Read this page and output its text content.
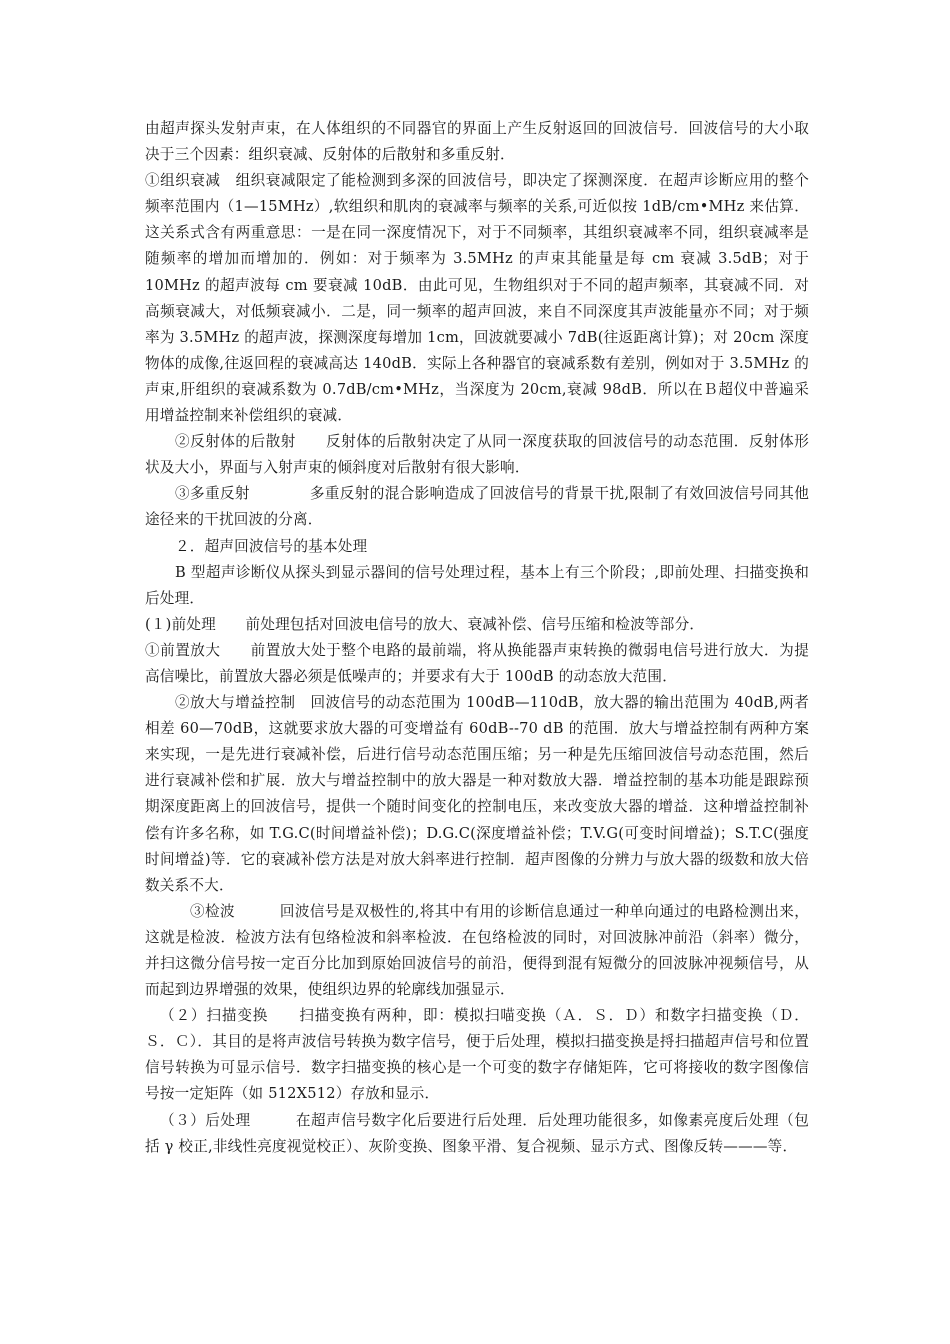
由超声探头发射声束，在人体组织的不同器官的界面上产生反射返回的回波信号．回波信号的大小取决于三个因素：组织衰减、反射体的后散射和多重反射．

①组织衰减　组织衰减限定了能检测到多深的回波信号，即决定了探测深度．在超声诊断应用的整个频率范围内（1—15MHz）,软组织和肌肉的衰减率与频率的关系,可近似按 1dB/cm•MHz 来估算．这关系式含有两重意思：一是在同一深度情况下，对于不同频率，其组织衰减率不同，组织衰减率是随频率的增加而增加的．例如：对于频率为 3.5MHz 的声束其能量是每 cm 衰减 3.5dB；对于 10MHz 的超声波每 cm 要衰减 10dB．由此可见，生物组织对于不同的超声频率，其衰减不同．对高频衰减大，对低频衰减小．二是，同一频率的超声回波，来自不同深度其声波能量亦不同；对于频率为 3.5MHz 的超声波，探测深度每增加 1cm，回波就要减小 7dB(往返距离计算)；对 20cm 深度物体的成像,往返回程的衰减高达 140dB．实际上各种器官的衰减系数有差别，例如对于 3.5MHz 的声束,肝组织的衰减系数为 0.7dB/cm•MHz，当深度为 20cm,衰减 98dB．所以在Ｂ超仪中普遍采用增益控制来补偿组织的衰减．

②反射体的后散射　　反射体的后散射决定了从同一深度获取的回波信号的动态范围．反射体形状及大小，界面与入射声束的倾斜度对后散射有很大影响．

③多重反射　　　　多重反射的混合影响造成了回波信号的背景干扰,限制了有效回波信号同其他途径来的干扰回波的分离．

２．超声回波信号的基本处理

B 型超声诊断仪从探头到显示器间的信号处理过程，基本上有三个阶段；,即前处理、扫描变换和后处理．

(１)前处理　　前处理包括对回波电信号的放大、衰减补偿、信号压缩和检波等部分．

①前置放大　　前置放大处于整个电路的最前端，将从换能器声束转换的微弱电信号进行放大．为提高信噪比，前置放大器必须是低噪声的；并要求有大于 100dB 的动态放大范围．

②放大与增益控制　回波信号的动态范围为 100dB—110dB，放大器的输出范围为 40dB,两者相差 60—70dB，这就要求放大器的可变增益有 60dB--70 dB 的范围．放大与增益控制有两种方案来实现，一是先进行衰减补偿，后进行信号动态范围压缩；另一种是先压缩回波信号动态范围，然后进行衰减补偿和扩展．放大与增益控制中的放大器是一种对数放大器．增益控制的基本功能是跟踪预期深度距离上的回波信号，提供一个随时间变化的控制电压，来改变放大器的增益．这种增益控制补偿有许多名称，如 T.G.C(时间增益补偿)；D.G.C(深度增益补偿；T.V.G(可变时间增益)；S.T.C(强度时间增益)等．它的衰减补偿方法是对放大斜率进行控制．超声图像的分辨力与放大器的级数和放大倍数关系不大．

③检波　　　回波信号是双极性的,将其中有用的诊断信息通过一种单向通过的电路检测出来，这就是检波．检波方法有包络检波和斜率检波．在包络检波的同时，对回波脉冲前沿（斜率）微分，并扫这微分信号按一定百分比加到原始回波信号的前沿，便得到混有短微分的回波脉冲视频信号，从而起到边界增强的效果，使组织边界的轮廓线加强显示．

（２）扫描变换　　扫描变换有两种，即：模拟扫喵变换（Ａ．Ｓ．Ｄ）和数字扫描变换（Ｄ．Ｓ．Ｃ）．其目的是将声波信号转换为数字信号，便于后处理，模拟扫描变换是捋扫描超声信号和位置信号转换为可显示信号．数字扫描变换的核心是一个可变的数字存储矩阵，它可将接收的数字图像信号按一定矩阵（如 512X512）存放和显示．

（３）后处理　　　在超声信号数字化后要进行后处理．后处理功能很多，如像素亮度后处理（包括 γ 校正,非线性亮度视觉校正）、灰阶变换、图象平滑、复合视频、显示方式、图像反转———等．
